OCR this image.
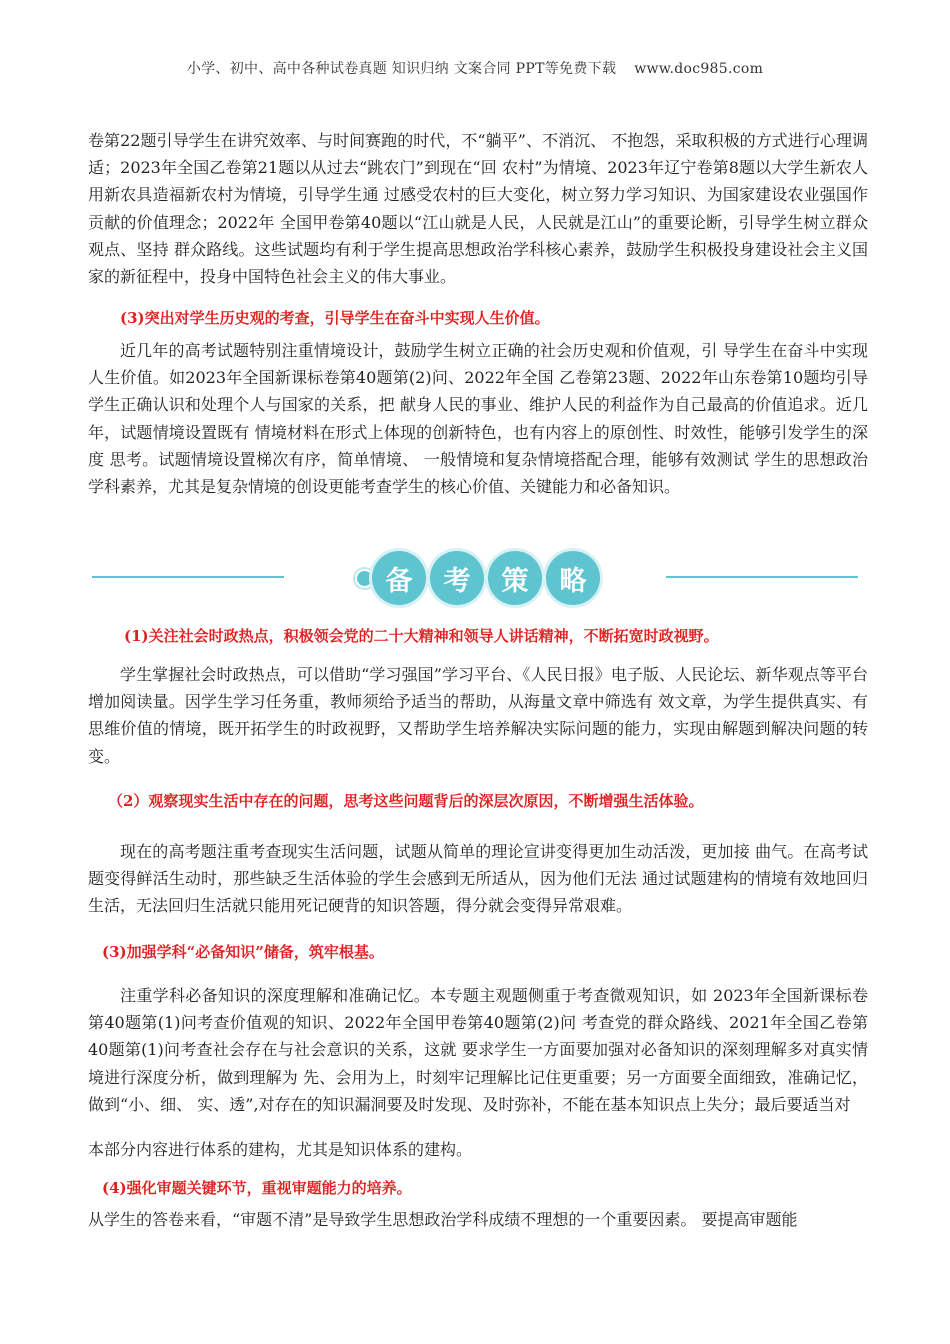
小学、初中、高中各种试卷真题 知识归纳 文案合同 PPT等免费下载 www.doc985.com

卷第22题引导学生在讲究效率、与时间赛跑的时代，不“躺平”、不消沉、 不抱怨，采取积极的方式进行心理调适；2023年全国乙卷第21题以从过去“跳农门”到现在“回 农村”为情境、2023年辽宁卷第8题以大学生新农人用新农具造福新农村为情境，引导学生通 过感受农村的巨大变化，树立努力学习知识、为国家建设农业强国作贡献的价值理念；2022年 全国甲卷第40题以“江山就是人民，人民就是江山”的重要论断，引导学生树立群众观点、坚持 群众路线。这些试题均有利于学生提高思想政治学科核心素养，鼓励学生积极投身建设社会主义国家的新征程中，投身中国特色社会主义的伟大事业。

(3)突出对学生历史观的考查，引导学生在奋斗中实现人生价值。

近几年的高考试题特别注重情境设计，鼓励学生树立正确的社会历史观和价值观，引 导学生在奋斗中实现人生价值。如2023年全国新课标卷第40题第(2)问、2022年全国 乙卷第23题、2022年山东卷第10题均引导学生正确认识和处理个人与国家的关系，把 献身人民的事业、维护人民的利益作为自己最高的价值追求。近几年，试题情境设置既有 情境材料在形式上体现的创新特色，也有内容上的原创性、时效性，能够引发学生的深度 思考。试题情境设置梯次有序，简单情境、 一般情境和复杂情境搭配合理，能够有效测试 学生的思想政治学科素养，尤其是复杂情境的创设更能考查学生的核心价值、关键能力和必备知识。

备	考	策	略

(1)关注社会时政热点，积极领会党的二十大精神和领导人讲话精神，不断拓宽时政视野。

学生掌握社会时政热点，可以借助“学习强国”学习平台、《人民日报》电子版、人民论坛、新华观点等平台增加阅读量。因学生学习任务重，教师须给予适当的帮助，从海量文章中筛选有 效文章，为学生提供真实、有思维价值的情境，既开拓学生的时政视野，又帮助学生培养解决实际问题的能力，实现由解题到解决问题的转变。

（2）观察现实生活中存在的问题，思考这些问题背后的深层次原因，不断增强生活体验。

现在的高考题注重考查现实生活问题，试题从简单的理论宣讲变得更加生动活泼，更加接 曲气。在高考试题变得鲜活生动时，那些缺乏生活体验的学生会感到无所适从，因为他们无法 通过试题建构的情境有效地回归生活，无法回归生活就只能用死记硬背的知识答题，得分就会变得异常艰难。

(3)加强学科“必备知识”储备，筑牢根基。

注重学科必备知识的深度理解和准确记忆。本专题主观题侧重于考查微观知识，如 2023年全国新课标卷第40题第(1)问考查价值观的知识、2022年全国甲卷第40题第(2)问 考查党的群众路线、2021年全国乙卷第40题第(1)问考查社会存在与社会意识的关系，这就 要求学生一方面要加强对必备知识的深刻理解多对真实情境进行深度分析，做到理解为 先、会用为上，时刻牢记理解比记住更重要；另一方面要全面细致，准确记忆，做到“小、细、 实、透”,对存在的知识漏洞要及时发现、及时弥补，不能在基本知识点上失分；最后要适当对

本部分内容进行体系的建构，尤其是知识体系的建构。

(4)强化审题关键环节，重视审题能力的培养。

从学生的答卷来看，“审题不清”是导致学生思想政治学科成绩不理想的一个重要因素。 要提高审题能
